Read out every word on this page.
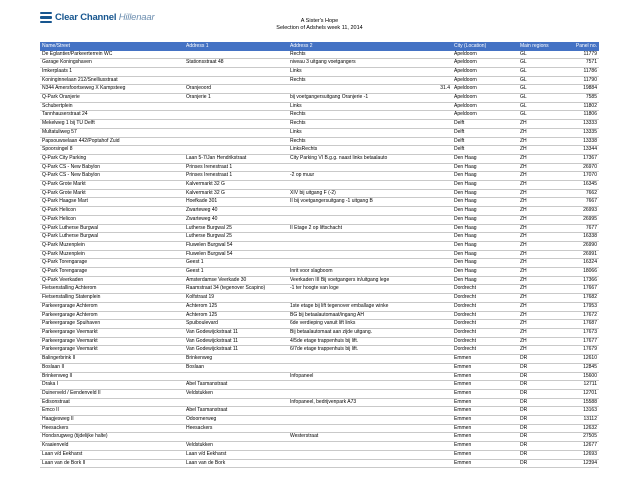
Clear Channel Hillenaar	A Sister's Hope
Selection of Adshels week 11, 2014
Name/Street	Address 1	Address 2		City (Location)	Main regions	Panel no.
De Eglantier/Parkeerterrein WC		Rechts		Apeldoorn	GL	11779
Garage Koningshaven	Stationsstraat 48	niveau 3 uitgang voetgangers		Apeldoorn	GL	7571
Imkerplaats 1		Links		Apeldoorn	GL	11786
Koninginnelaan 212/Snelliusstraat		Rechts		Apeldoorn	GL	11790
N344 Amersfoortseweg X Kampsteeg	Oranjeoord		31.4	Apeldoorn	GL	19884
Q-Park Oranjerie	Oranjerie 1	bij voetgangersuitgang Oranjerie -1		Apeldoorn	GL	7585
Schubertplein		Links		Apeldoorn	GL	11802
Tannhauserstraat 24		Rechts		Apeldoorn	GL	11806
Mekelweg 1 bij TU Delft		Rechts		Delft	ZH	13333
Multatuliweg 57		Links		Delft	ZH	13335
Papsouwselaan 442/Poptahof Zuid		Rechts		Delft	ZH	13338
Spoorsingel 8		LinksRechts		Delft	ZH	13344
Q-Park City Parking	Laan 5-7/Jan Hendrikstraat	City Parking VI B.g.g. naast links betaalauto		Den Haag	ZH	17367
Q-Park CS - New Babylon	Prinses Irenestraat 1			Den Haag	ZH	26970
Q-Park CS - New Babylon	Prinses Irenestraat 1	-2 op muur		Den Haag	ZH	17070
Q-Park Grote Markt	Kalvermarkt 32 G			Den Haag	ZH	16345
Q-Park Grote Markt	Kalvermarkt 32 G	XIV bij uitgang F (-2)		Den Haag	ZH	7662
Q-Park Haagse Mart	Hoefkade 301	II bij voetgangersuitgang -1 uitgang B		Den Haag	ZH	7667
Q-Park Helicon	Zwarteweg 40			Den Haag	ZH	26993
Q-Park Helicon	Zwarteweg 40			Den Haag	ZH	26995
Q-Park Lutherse Burgwal	Lutherse Burgwal 25	II Etage 2 op liftschacht		Den Haag	ZH	7677
Q-Park Lutherse Burgwal	Lutherse Burgwal 25			Den Haag	ZH	16338
Q-Park Muzenplein	Fluwelen Burgwal 54			Den Haag	ZH	26990
Q-Park Muzenplein	Fluwelen Burgwal 54			Den Haag	ZH	26991
Q-Park Torengarage	Geest 1			Den Haag	ZH	16324
Q-Park Torengarage	Geest 1	Inrit voor slagboom		Den Haag	ZH	18066
Q-Park Veerkaden	Amsterdamse Veerkade 30	Veerkaden III Bij voetgangers in/uitgang lege		Den Haag	ZH	17366
Fietsenstalling Achterom	Raamstraat 34 (tegenover Scapino)	-1 ter hoogte van loge		Dordrecht	ZH	17667
Fietsenstalling Statenplein	Kolfstraat 19			Dordrecht	ZH	17682
Parkeergarage Achterom	Achterom 125	1ste etage bij lift tegenover emballage winke		Dordrecht	ZH	17953
Parkeergarage Achterom	Achterom 125	BG bij betaalautomaat/ingang AH		Dordrecht	ZH	17672
Parkeergarage Spuihaven	Spuiboulevard	6de verdieping vanuit lift links		Dordrecht	ZH	17687
Parkeergarage Veemarkt	Van Godewijckstraat 11	Bij betaalautomaat aan zijde uitgang.		Dordrecht	ZH	17673
Parkeergarage Veemarkt	Van Godewijckstraat 11	4/5de etage trappenhuis bij lift.		Dordrecht	ZH	17677
Parkeergarage Veemarkt	Van Godewijckstraat 11	6/7de etage trappenhuis bij lift.		Dordrecht	ZH	17679
Balingerbrink II	Brinkenweg			Emmen	DR	12610
Boslaan II	Boslaan			Emmen	DR	12845
Brinkenweg II		Infopaneel		Emmen	DR	15600
Draka I	Abel Tasmanstraat			Emmen	DR	12711
Duinerveld / Eendenveld II	Veldstukken			Emmen	DR	12701
Edisonstraat		Infopaneel, bedrijvenpark A73		Emmen	DR	15588
Emco II	Abel Tasmanstraat			Emmen	DR	13163
Haagjesweg II	Odoornerweg			Emmen	DR	13112
Heesackers	Heesackers			Emmen	DR	12632
Hondsrugweg (tijdelijke halte)		Westerstraat		Emmen	DR	27505
Kraaienveld	Veldstukken			Emmen	DR	12677
Laan v/d Eekharst	Laan v/d Eekharst			Emmen	DR	12693
Laan van de Bork II	Laan van de Bork			Emmen	DR	12394
